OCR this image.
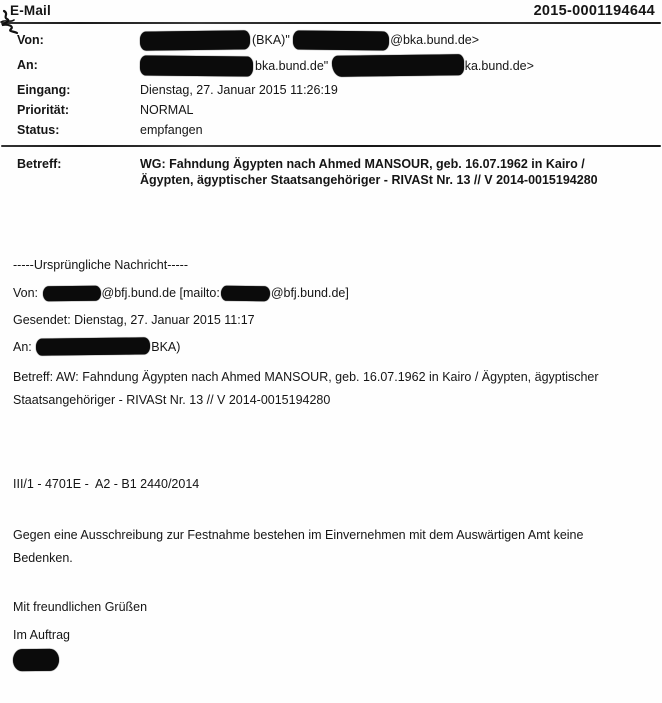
E-Mail	2015-0001194644
Von:	(BKA)"	@bka.bund.de>
An:	bka.bund.de"	ka.bund.de>
Eingang:	Dienstag, 27. Januar 2015 11:26:19
Priorität:	NORMAL
Status:	empfangen
Betreff:	WG: Fahndung Ägypten nach Ahmed MANSOUR, geb. 16.07.1962 in Kairo / Ägypten, ägyptischer Staatsangehöriger - RIVASt Nr. 13 // V 2014-0015194280
-----Ursprüngliche Nachricht-----
Von:	@bfj.bund.de [mailto:	@bfj.bund.de]
Gesendet: Dienstag, 27. Januar 2015 11:17
An:	BKA)
Betreff: AW: Fahndung Ägypten nach Ahmed MANSOUR, geb. 16.07.1962 in Kairo / Ägypten, ägyptischer Staatsangehöriger - RIVASt Nr. 13 // V 2014-0015194280
III/1 - 4701E -  A2 - B1 2440/2014
Gegen eine Ausschreibung zur Festnahme bestehen im Einvernehmen mit dem Auswärtigen Amt keine Bedenken.
Mit freundlichen Grüßen
Im Auftrag
